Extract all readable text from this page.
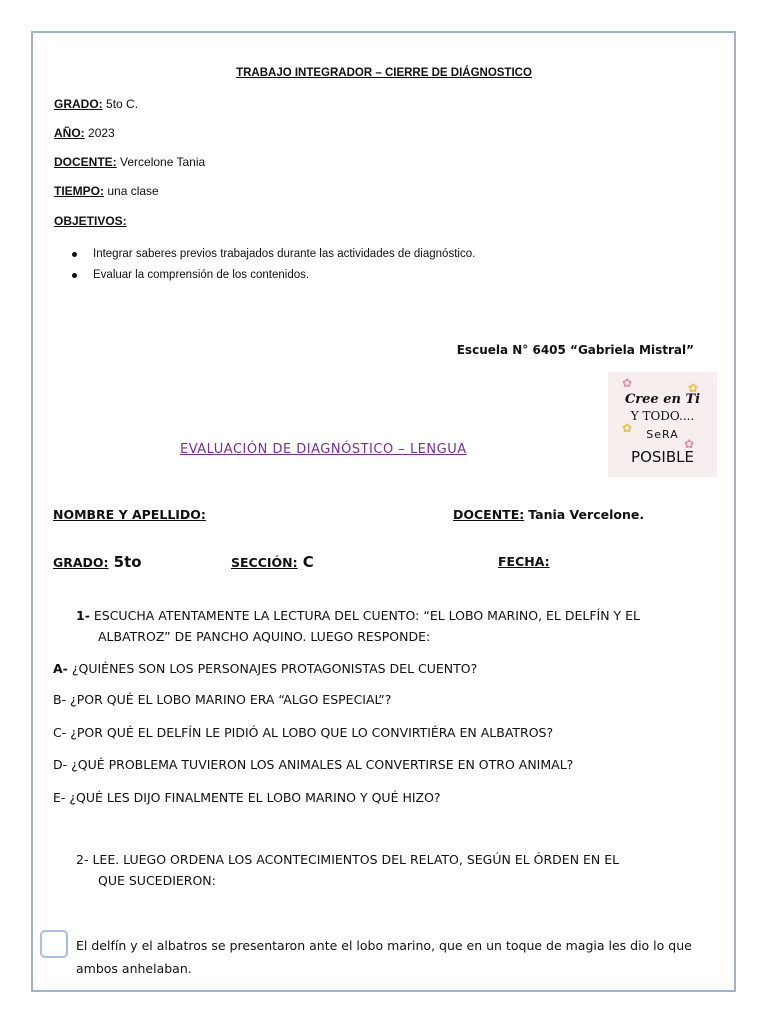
TRABAJO INTEGRADOR – CIERRE DE DIÁGNOSTICO
GRADO: 5to C.
AÑO: 2023
DOCENTE: Vercelone Tania
TIEMPO: una clase
OBJETIVOS:
Integrar saberes previos trabajados durante las actividades de diagnóstico.
Evaluar la comprensión de los contenidos.
Escuela N° 6405 “Gabriela Mistral”
✿	✿
✿
✿
Cree en Ti
Y TODO....
SeRA
POSIBLE
EVALUACIÓN DE DIAGNÓSTICO – LENGUA
NOMBRE Y APELLIDO:	DOCENTE: Tania Vercelone.
GRADO: 5to	SECCIÓN: C	FECHA:
1- ESCUCHA ATENTAMENTE LA LECTURA DEL CUENTO: “EL LOBO MARINO, EL DELFÍN Y EL
ALBATROZ” DE PANCHO AQUINO. LUEGO RESPONDE:
A- ¿QUIÉNES SON LOS PERSONAJES PROTAGONISTAS DEL CUENTO?
B- ¿POR QUÉ EL LOBO MARINO ERA “ALGO ESPECIAL”?
C- ¿POR QUÉ EL DELFÍN LE PIDIÓ AL LOBO QUE LO CONVIRTIÉRA EN ALBATROS?
D- ¿QUÉ PROBLEMA TUVIERON LOS ANIMALES AL CONVERTIRSE EN OTRO ANIMAL?
E- ¿QUÉ LES DIJO FINALMENTE EL LOBO MARINO Y QUÉ HIZO?
2- LEE. LUEGO ORDENA LOS ACONTECIMIENTOS DEL RELATO, SEGÚN EL ÓRDEN EN EL
QUE SUCEDIERON:
El delfín y el albatros se presentaron ante el lobo marino, que en un toque de magia les dio lo que ambos anhelaban.
